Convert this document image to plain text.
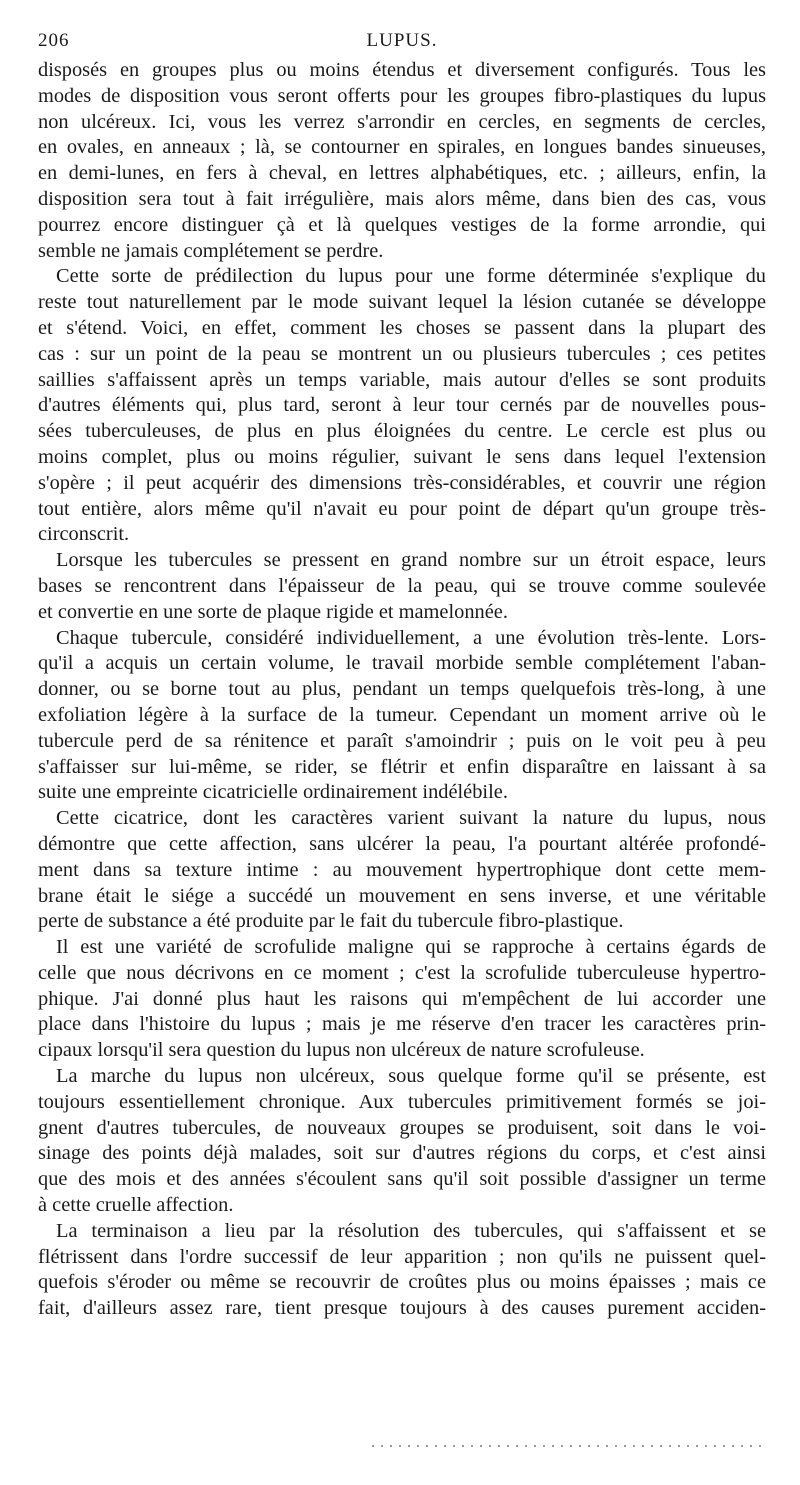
206	LUPUS.
disposés en groupes plus ou moins étendus et diversement configurés. Tous les
modes de disposition vous seront offerts pour les groupes fibro-plastiques du lupus
non ulcéreux. Ici, vous les verrez s'arrondir en cercles, en segments de cercles,
en ovales, en anneaux ; là, se contourner en spirales, en longues bandes sinueuses,
en demi-lunes, en fers à cheval, en lettres alphabétiques, etc. ; ailleurs, enfin, la
disposition sera tout à fait irrégulière, mais alors même, dans bien des cas, vous
pourrez encore distinguer çà et là quelques vestiges de la forme arrondie, qui
semble ne jamais complétement se perdre.
Cette sorte de prédilection du lupus pour une forme déterminée s'explique du
reste tout naturellement par le mode suivant lequel la lésion cutanée se développe
et s'étend. Voici, en effet, comment les choses se passent dans la plupart des
cas : sur un point de la peau se montrent un ou plusieurs tubercules ; ces petites
saillies s'affaissent après un temps variable, mais autour d'elles se sont produits
d'autres éléments qui, plus tard, seront à leur tour cernés par de nouvelles pous-
sées tuberculeuses, de plus en plus éloignées du centre. Le cercle est plus ou
moins complet, plus ou moins régulier, suivant le sens dans lequel l'extension
s'opère ; il peut acquérir des dimensions très-considérables, et couvrir une région
tout entière, alors même qu'il n'avait eu pour point de départ qu'un groupe très-
circonscrit.
Lorsque les tubercules se pressent en grand nombre sur un étroit espace, leurs
bases se rencontrent dans l'épaisseur de la peau, qui se trouve comme soulevée
et convertie en une sorte de plaque rigide et mamelonnée.
Chaque tubercule, considéré individuellement, a une évolution très-lente. Lors-
qu'il a acquis un certain volume, le travail morbide semble complétement l'aban-
donner, ou se borne tout au plus, pendant un temps quelquefois très-long, à une
exfoliation légère à la surface de la tumeur. Cependant un moment arrive où le
tubercule perd de sa rénitence et paraît s'amoindrir ; puis on le voit peu à peu
s'affaisser sur lui-même, se rider, se flétrir et enfin disparaître en laissant à sa
suite une empreinte cicatricielle ordinairement indélébile.
Cette cicatrice, dont les caractères varient suivant la nature du lupus, nous
démontre que cette affection, sans ulcérer la peau, l'a pourtant altérée profondé-
ment dans sa texture intime : au mouvement hypertrophique dont cette mem-
brane était le siége a succédé un mouvement en sens inverse, et une véritable
perte de substance a été produite par le fait du tubercule fibro-plastique.
Il est une variété de scrofulide maligne qui se rapproche à certains égards de
celle que nous décrivons en ce moment ; c'est la scrofulide tuberculeuse hypertro-
phique. J'ai donné plus haut les raisons qui m'empêchent de lui accorder une
place dans l'histoire du lupus ; mais je me réserve d'en tracer les caractères prin-
cipaux lorsqu'il sera question du lupus non ulcéreux de nature scrofuleuse.
La marche du lupus non ulcéreux, sous quelque forme qu'il se présente, est
toujours essentiellement chronique. Aux tubercules primitivement formés se joi-
gnent d'autres tubercules, de nouveaux groupes se produisent, soit dans le voi-
sinage des points déjà malades, soit sur d'autres régions du corps, et c'est ainsi
que des mois et des années s'écoulent sans qu'il soit possible d'assigner un terme
à cette cruelle affection.
La terminaison a lieu par la résolution des tubercules, qui s'affaissent et se
flétrissent dans l'ordre successif de leur apparition ; non qu'ils ne puissent quel-
quefois s'éroder ou même se recouvrir de croûtes plus ou moins épaisses ; mais ce
fait, d'ailleurs assez rare, tient presque toujours à des causes purement acciden-
